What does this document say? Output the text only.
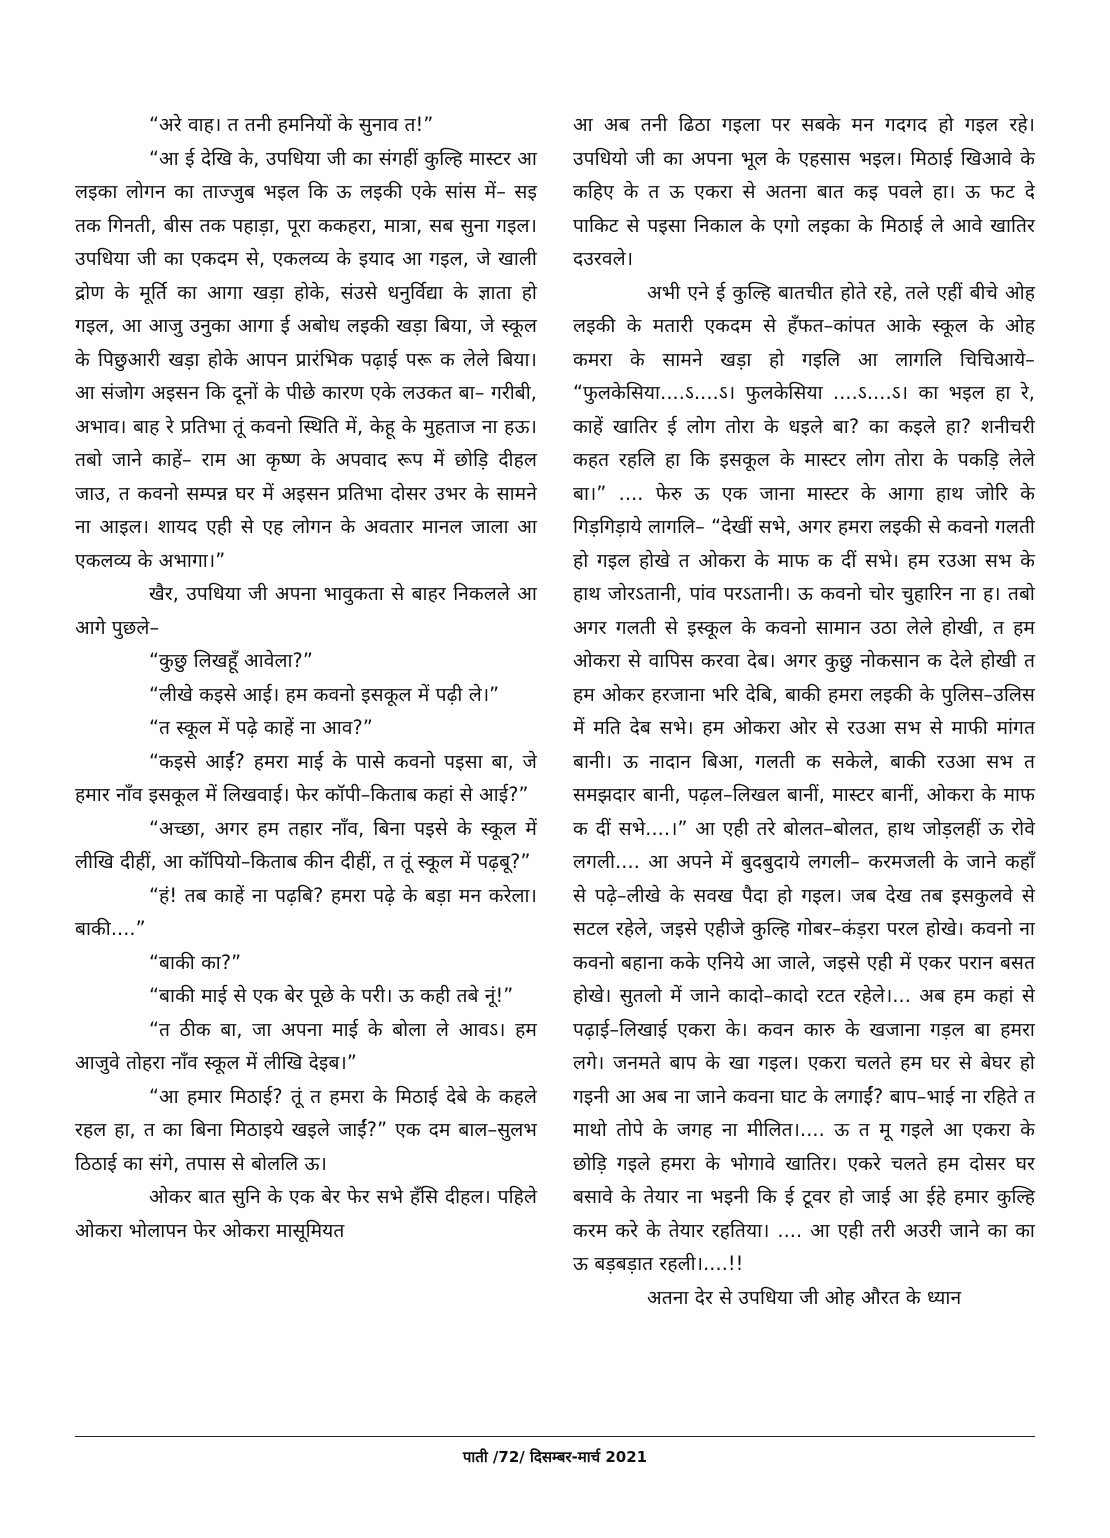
“अरे वाह। त तनी हमनियों के सुनाव त!”

“आ ई देखि के, उपधिया जी का संगहीं कुल्हि मास्टर आ लइका लोगन का ताज्जुब भइल कि ऊ लइकी एके सांस में– सइ तक गिनती, बीस तक पहाड़ा, पूरा ककहरा, मात्रा, सब सुना गइल। उपधिया जी का एकदम से, एकलव्य के इयाद आ गइल, जे खाली द्रोण के मूर्ति का आगा खड़ा होके, संउसे धनुर्विद्या के ज्ञाता हो गइल, आ आजु उनुका आगा ई अबोध लइकी खड़ा बिया, जे स्कूल के पिछुआरी खड़ा होके आपन प्रारंभिक पढ़ाई परू क लेले बिया। आ संजोग अइसन कि दूनों के पीछे कारण एके लउकत बा– गरीबी, अभाव। बाह रे प्रतिभा तूं कवनो स्थिति में, केहू के मुहताज ना हऊ। तबो जाने काहें– राम आ कृष्ण के अपवाद रूप में छोड़ि दीहल जाउ, त कवनो सम्पन्न घर में अइसन प्रतिभा दोसर उभर के सामने ना आइल। शायद एही से एह लोगन के अवतार मानल जाला आ एकलव्य के अभागा।”

खैर, उपधिया जी अपना भावुकता से बाहर निकलले आ आगे पुछले–

“कुछु लिखहूँ आवेला?”

“लीखे कइसे आई। हम कवनो इसकूल में पढ़ी ले।”

“त स्कूल में पढ़े काहें ना आव?”

“कइसे आईं? हमरा माई के पासे कवनो पइसा बा, जे हमार नाँव इसकूल में लिखवाई। फेर कॉपी–किताब कहां से आई?”

“अच्छा, अगर हम तहार नाँव, बिना पइसे के स्कूल में लीखि दीहीं, आ कॉपियो–किताब कीन दीहीं, त तूं स्कूल में पढ़बू?”

“हं! तब काहें ना पढ़बि? हमरा पढ़े के बड़ा मन करेला। बाकी....”

“बाकी का?”

“बाकी माई से एक बेर पूछे के परी। ऊ कही तबे नूं!”

“त ठीक बा, जा अपना माई के बोला ले आवऽ। हम आजुवे तोहरा नाँव स्कूल में लीखि देइब।”

“आ हमार मिठाई? तूं त हमरा के मिठाई देबे के कहले रहल हा, त का बिना मिठाइये खइले जाईं?” एक दम बाल–सुलभ ठिठाई का संगे, तपास से बोललि ऊ।

ओकर बात सुनि के एक बेर फेर सभे हँसि दीहल। पहिले ओकरा भोलापन फेर ओकरा मासूमियत

आ अब तनी ढिठा गइला पर सबके मन गदगद हो गइल रहे। उपधियो जी का अपना भूल के एहसास भइल। मिठाई खिआवे के कहिए के त ऊ एकरा से अतना बात कइ पवले हा। ऊ फट दे पाकिट से पइसा निकाल के एगो लइका के मिठाई ले आवे खातिर दउरवले।

अभी एने ई कुल्हि बातचीत होते रहे, तले एहीं बीचे ओह लइकी के मतारी एकदम से हँफत–कांपत आके स्कूल के ओह कमरा के सामने खड़ा हो गइलि आ लागलि चिचिआये– “फुलकेसिया....ऽ....ऽ। फुलकेसिया ....ऽ....ऽ। का भइल हा रे, काहें खातिर ई लोग तोरा के धइले बा? का कइले हा? शनीचरी कहत रहलि हा कि इसकूल के मास्टर लोग तोरा के पकड़ि लेले बा।” .... फेरु ऊ एक जाना मास्टर के आगा हाथ जोरि के गिड़गिड़ाये लागलि– “देखीं सभे, अगर हमरा लइकी से कवनो गलती हो गइल होखे त ओकरा के माफ क दीं सभे। हम रउआ सभ के हाथ जोरऽतानी, पांव परऽतानी। ऊ कवनो चोर चुहारिन ना ह। तबो अगर गलती से इस्कूल के कवनो सामान उठा लेले होखी, त हम ओकरा से वापिस करवा देब। अगर कुछु नोकसान क देले होखी त हम ओकर हरजाना भरि देबि, बाकी हमरा लइकी के पुलिस–उलिस में मति देब सभे। हम ओकरा ओर से रउआ सभ से माफी मांगत बानी। ऊ नादान बिआ, गलती क सकेले, बाकी रउआ सभ त समझदार बानी, पढ़ल–लिखल बानीं, मास्टर बानीं, ओकरा के माफ क दीं सभे....।” आ एही तरे बोलत–बोलत, हाथ जोड़लहीं ऊ रोवे लगली.... आ अपने में बुदबुदाये लगली– करमजली के जाने कहाँ से पढ़े–लीखे के सवख पैदा हो गइल। जब देख तब इसकुलवे से सटल रहेले, जइसे एहीजे कुल्हि गोबर–कंड़रा परल होखे। कवनो ना कवनो बहाना कके एनिये आ जाले, जइसे एही में एकर परान बसत होखे। सुतलो में जाने कादो–कादो रटत रहेले।... अब हम कहां से पढ़ाई–लिखाई एकरा के। कवन कारु के खजाना गड़ल बा हमरा लगे। जनमते बाप के खा गइल। एकरा चलते हम घर से बेघर हो गइनी आ अब ना जाने कवना घाट के लगाईं? बाप–भाई ना रहिते त माथो तोपे के जगह ना मीलित।.... ऊ त मू गइले आ एकरा के छोड़ि गइले हमरा के भोगावे खातिर। एकरे चलते हम दोसर घर बसावे के तेयार ना भइनी कि ई टूवर हो जाई आ ईहे हमार कुल्हि करम करे के तेयार रहतिया। .... आ एही तरी अउरी जाने का का ऊ बड़बड़ात रहली।....!!

अतना देर से उपधिया जी ओह औरत के ध्यान

पाती /72/ दिसम्बर-मार्च 2021
